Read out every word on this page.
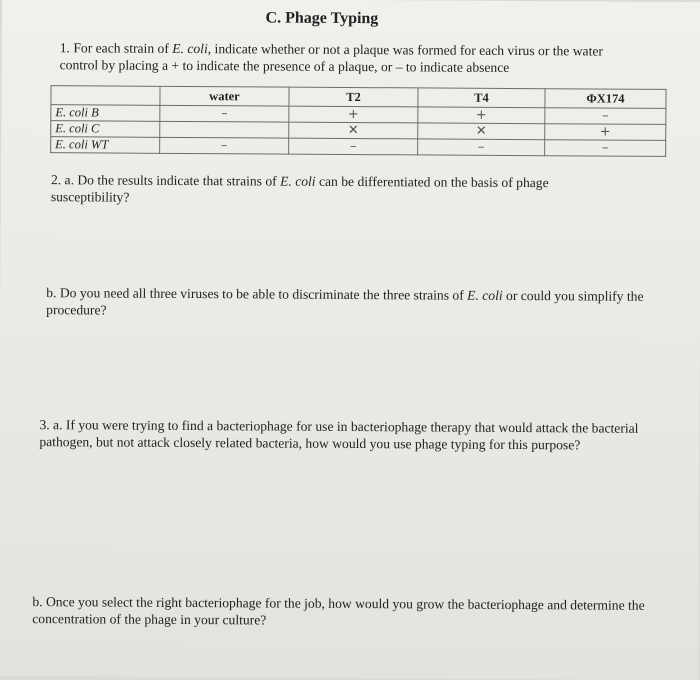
C. Phage Typing

1. For each strain of E. coli, indicate whether or not a plaque was formed for each virus or the water control by placing a + to indicate the presence of a plaque, or – to indicate absence

	water	T2	T4	ΦX174
E. coli B	–	+	+	–
E. coli C		✕	✕	+
E. coli WT	–	–	–	–

2. a. Do the results indicate that strains of E. coli can be differentiated on the basis of phage susceptibility?

b. Do you need all three viruses to be able to discriminate the three strains of E. coli or could you simplify the procedure?

3. a. If you were trying to find a bacteriophage for use in bacteriophage therapy that would attack the bacterial pathogen, but not attack closely related bacteria, how would you use phage typing for this purpose?

b. Once you select the right bacteriophage for the job, how would you grow the bacteriophage and determine the concentration of the phage in your culture?
